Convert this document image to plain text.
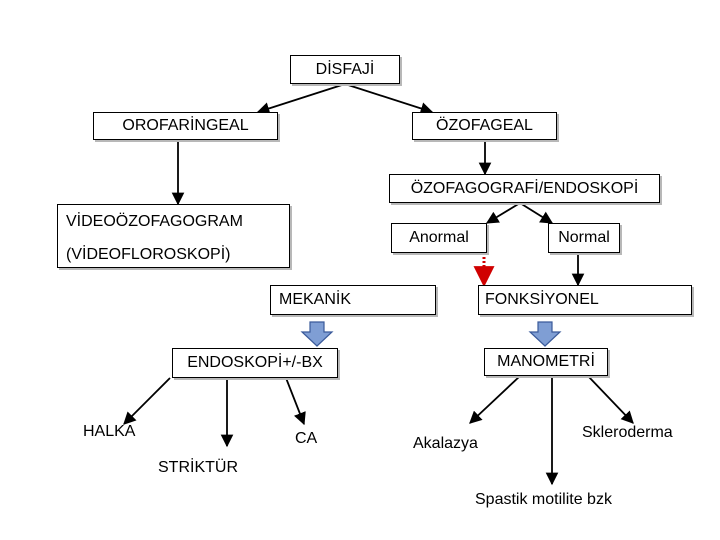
DİSFAJİ
OROFARİNGEAL	ÖZOFAGEAL
ÖZOFAGOGRAFİ/ENDOSKOPİ
VİDEOÖZOFAGOGRAM
(VİDEOFLOROSKOPİ)
Anormal	Normal
MEKANİK	FONKSİYONEL
ENDOSKOPİ+/-BX	MANOMETRİ
HALKA
STRİKTÜR
CA	Akalazya
Spastik motilite bzk
Skleroderma
